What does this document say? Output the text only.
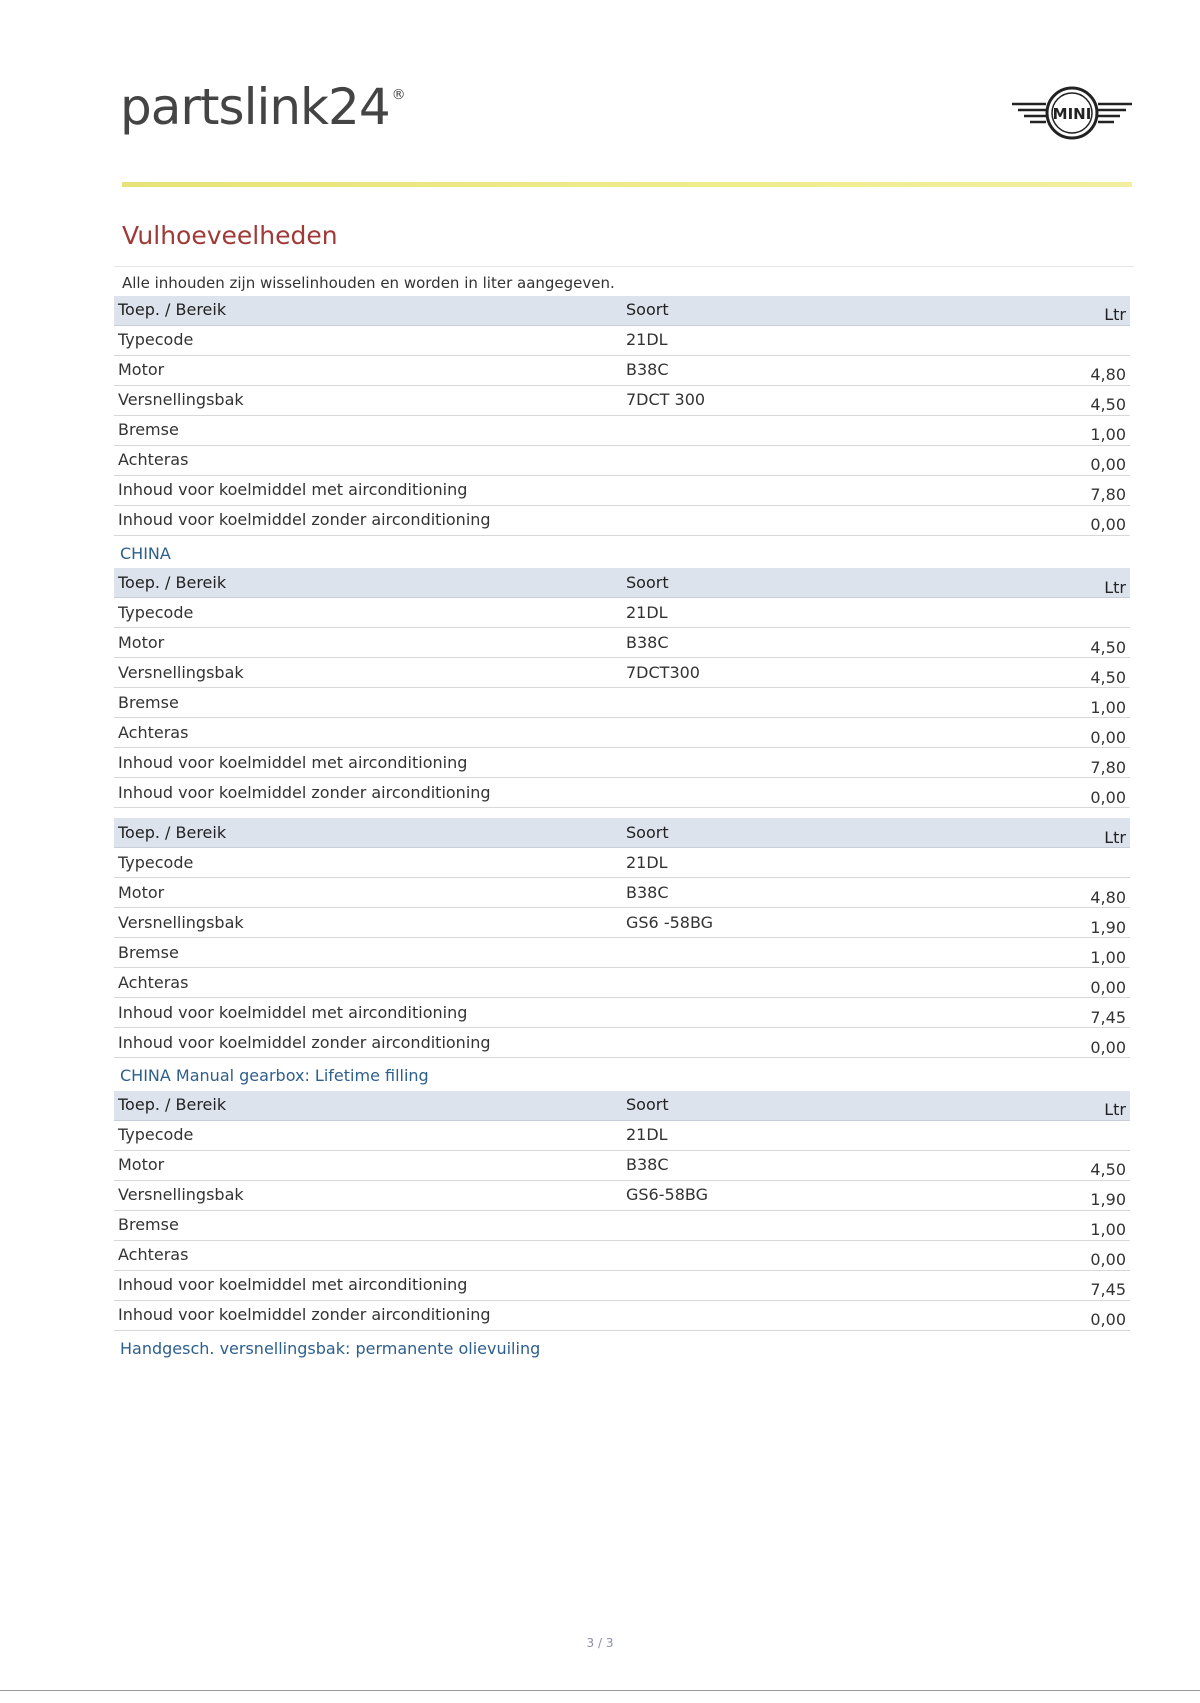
partslink24 ®
MINI
Vulhoeveelheden
Alle inhouden zijn wisselinhouden en worden in liter aangegeven.
Toep. / Bereik	Soort	Ltr
Typecode	21DL	
Motor	B38C	4,80
Versnellingsbak	7DCT 300	4,50
Bremse		1,00
Achteras		0,00
Inhoud voor koelmiddel met airconditioning		7,80
Inhoud voor koelmiddel zonder airconditioning		0,00
CHINA
Toep. / Bereik	Soort	Ltr
Typecode	21DL	
Motor	B38C	4,50
Versnellingsbak	7DCT300	4,50
Bremse		1,00
Achteras		0,00
Inhoud voor koelmiddel met airconditioning		7,80
Inhoud voor koelmiddel zonder airconditioning		0,00
Toep. / Bereik	Soort	Ltr
Typecode	21DL	
Motor	B38C	4,80
Versnellingsbak	GS6 -58BG	1,90
Bremse		1,00
Achteras		0,00
Inhoud voor koelmiddel met airconditioning		7,45
Inhoud voor koelmiddel zonder airconditioning		0,00
CHINA Manual gearbox: Lifetime filling
Toep. / Bereik	Soort	Ltr
Typecode	21DL	
Motor	B38C	4,50
Versnellingsbak	GS6-58BG	1,90
Bremse		1,00
Achteras		0,00
Inhoud voor koelmiddel met airconditioning		7,45
Inhoud voor koelmiddel zonder airconditioning		0,00
Handgesch. versnellingsbak: permanente olievuiling
3 / 3
